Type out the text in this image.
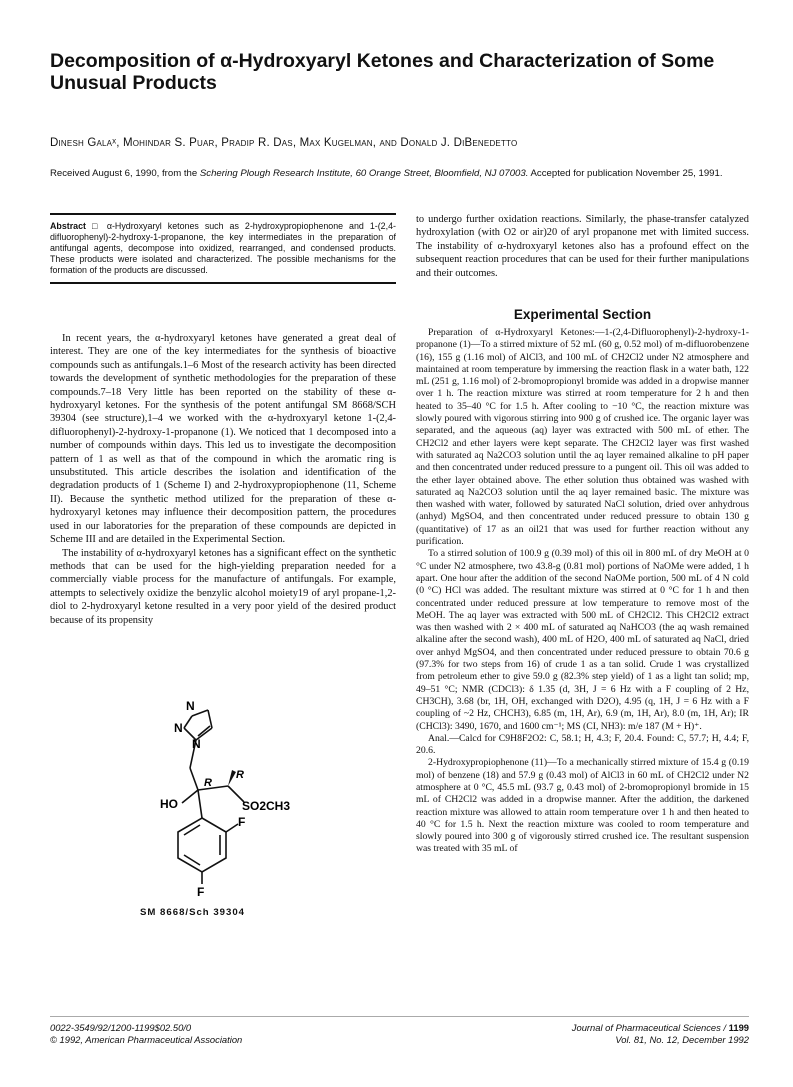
Decomposition of α-Hydroxyaryl Ketones and Characterization of Some Unusual Products
Dinesh Galaˣ, Mohindar S. Puar, Pradip R. Das, Max Kugelman, and Donald J. DiBenedetto
Received August 6, 1990, from the Schering Plough Research Institute, 60 Orange Street, Bloomfield, NJ 07003. Accepted for publication November 25, 1991.

Abstract □ α-Hydroxyaryl ketones such as 2-hydroxypropiophenone and 1-(2,4-difluorophenyl)-2-hydroxy-1-propanone, the key intermediates in the preparation of antifungal agents, decompose into oxidized, rearranged, and condensed products. These products were isolated and characterized. The possible mechanisms for the formation of the products are discussed.

In recent years, the α-hydroxyaryl ketones have generated a great deal of interest. They are one of the key intermediates for the synthesis of bioactive compounds such as antifungals.1–6 Most of the research activity has been directed towards the development of synthetic methodologies for the preparation of these compounds.7–18 Very little has been reported on the stability of these α-hydroxyaryl ketones. For the synthesis of the potent antifungal SM 8668/SCH 39304 (see structure),1–4 we worked with the α-hydroxyaryl ketone 1-(2,4-difluorophenyl)-2-hydroxy-1-propanone (1). We noticed that 1 decomposed into a number of compounds within days. This led us to investigate the decomposition pattern of 1 as well as that of the compound in which the aromatic ring is unsubstituted. This article describes the isolation and identification of the degradation products of 1 (Scheme I) and 2-hydroxypropiophenone (11, Scheme II). Because the synthetic method utilized for the preparation of these α-hydroxyaryl ketones may influence their decomposition pattern, the procedures used in our laboratories for the preparation of these compounds are depicted in Scheme III and are detailed in the Experimental Section.

The instability of α-hydroxyaryl ketones has a significant effect on the synthetic methods that can be used for the high-yielding preparation needed for a commercially viable process for the manufacture of antifungals. For example, attempts to selectively oxidize the benzylic alcohol moiety19 of aryl propane-1,2-diol to 2-hydroxyaryl ketone resulted in a very poor yield of the desired product because of its propensity

to undergo further oxidation reactions. Similarly, the phase-transfer catalyzed hydroxylation (with O2 or air)20 of aryl propanone met with limited success. The instability of α-hydroxyaryl ketones also has a profound effect on the subsequent reaction procedures that can be used for their further manipulations and their outcomes.
Experimental Section

Preparation of α-Hydroxyaryl Ketones:—1-(2,4-Difluorophenyl)-2-hydroxy-1-propanone (1)—To a stirred mixture of 52 mL (60 g, 0.52 mol) of m-difluorobenzene (16), 155 g (1.16 mol) of AlCl3, and 100 mL of CH2Cl2 under N2 atmosphere and maintained at room temperature by immersing the reaction flask in a water bath, 122 mL (251 g, 1.16 mol) of 2-bromopropionyl bromide was added in a dropwise manner over 1 h. The reaction mixture was stirred at room temperature for 2 h and then heated to 35–40 °C for 1.5 h. After cooling to −10 °C, the reaction mixture was slowly poured with vigorous stirring into 900 g of crushed ice. The organic layer was separated, and the aqueous (aq) layer was extracted with 500 mL of ether. The CH2Cl2 and ether layers were kept separate. The CH2Cl2 layer was first washed with saturated aq Na2CO3 solution until the aq layer remained alkaline to pH paper and then concentrated under reduced pressure to a pungent oil. This oil was added to the ether layer obtained above. The ether solution thus obtained was washed with saturated aq Na2CO3 solution until the aq layer remained basic. The mixture was then washed with water, followed by saturated NaCl solution, dried over anhydrous (anhyd) MgSO4, and then concentrated under reduced pressure to obtain 130 g (quantitative) of 17 as an oil21 that was used for further reaction without any purification.

To a stirred solution of 100.9 g (0.39 mol) of this oil in 800 mL of dry MeOH at 0 °C under N2 atmosphere, two 43.8-g (0.81 mol) portions of NaOMe were added, 1 h apart. One hour after the addition of the second NaOMe portion, 500 mL of 4 N cold (0 °C) HCl was added. The resultant mixture was stirred at 0 °C for 1 h and then concentrated under reduced pressure at low temperature to remove most of the MeOH. The aq layer was extracted with 500 mL of CH2Cl2. This CH2Cl2 extract was then washed with 2 × 400 mL of saturated aq NaHCO3 (the aq wash remained alkaline after the second wash), 400 mL of H2O, 400 mL of saturated aq NaCl, dried over anhyd MgSO4, and then concentrated under reduced pressure to obtain 70.6 g (97.3% for two steps from 16) of crude 1 as a tan solid. Crude 1 was crystallized from petroleum ether to give 59.0 g (82.3% step yield) of 1 as a light tan solid; mp, 49–51 °C; NMR (CDCl3): δ 1.35 (d, 3H, J = 6 Hz with a F coupling of 2 Hz, CH3CH), 3.68 (br, 1H, OH, exchanged with D2O), 4.95 (q, 1H, J = 6 Hz with a F coupling of ~2 Hz, CHCH3), 6.85 (m, 1H, Ar), 6.9 (m, 1H, Ar), 8.0 (m, 1H, Ar); IR (CHCl3): 3490, 1670, and 1600 cm⁻¹; MS (CI, NH3): m/e 187 (M + H)⁺.

Anal.—Calcd for C9H8F2O2: C, 58.1; H, 4.3; F, 20.4. Found: C, 57.7; H, 4.4; F, 20.6.

2-Hydroxypropiophenone (11)—To a mechanically stirred mixture of 15.4 g (0.19 mol) of benzene (18) and 57.9 g (0.43 mol) of AlCl3 in 60 mL of CH2Cl2 under N2 atmosphere at 0 °C, 45.5 mL (93.7 g, 0.43 mol) of 2-bromopropionyl bromide in 15 mL of CH2Cl2 was added in a dropwise manner. After the addition, the darkened reaction mixture was allowed to attain room temperature over 1 h and then heated to 40 °C for 1.5 h. Next the reaction mixture was cooled to room temperature and slowly poured into 300 g of vigorously stirred crushed ice. The resultant suspension was treated with 35 mL of

N
N
N
HO
R
R
SO2CH3
F
F
SM 8668/Sch 39304
0022-3549/92/1200-1199$02.50/0
© 1992, American Pharmaceutical Association
Journal of Pharmaceutical Sciences / 1199
Vol. 81, No. 12, December 1992
